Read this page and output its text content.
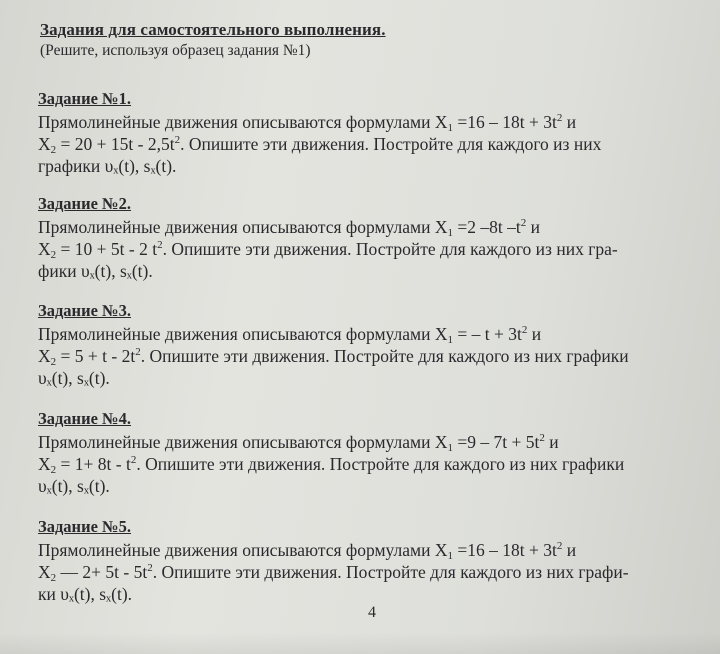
Задания для самостоятельного выполнения.
(Решите, используя образец задания №1)
Задание №1.
Прямолинейные движения описываются формулами $X_1 =16 - 18t + 3t^2$ и
$X_2 = 20 + 15t - 2,5t^2$. Опишите эти движения. Постройте для каждого из них
графики υₓ(t), sₓ(t).
Задание №2.
Прямолинейные движения описываются формулами $X_1 =2$ –8t $-t^2$ и
$X_2 = 10 + 5t - 2$ $t^2$. Опишите эти движения. Постройте для каждого из них гра-
фики υₓ(t), sₓ(t).
Задание №3.
Прямолинейные движения описываются формулами $X_1$ = – $t + 3t^2$ и
$X_2 = 5 + t - 2t^2$. Опишите эти движения. Постройте для каждого из них графики
υₓ(t), sₓ(t).
Задание №4.
Прямолинейные движения описываются формулами $X_1 =9 - 7t + 5t^2$ и
$X_2 = 1+ 8t - t^2$. Опишите эти движения. Постройте для каждого из них графики
υₓ(t), sₓ(t).
Задание №5.
Прямолинейные движения описываются формулами $X_1 =16 - 18t + 3t^2$ и
$X_2$ — $2+ 5t - 5t^2$. Опишите эти движения. Постройте для каждого из них графи-
ки υₓ(t), sₓ(t).
4
